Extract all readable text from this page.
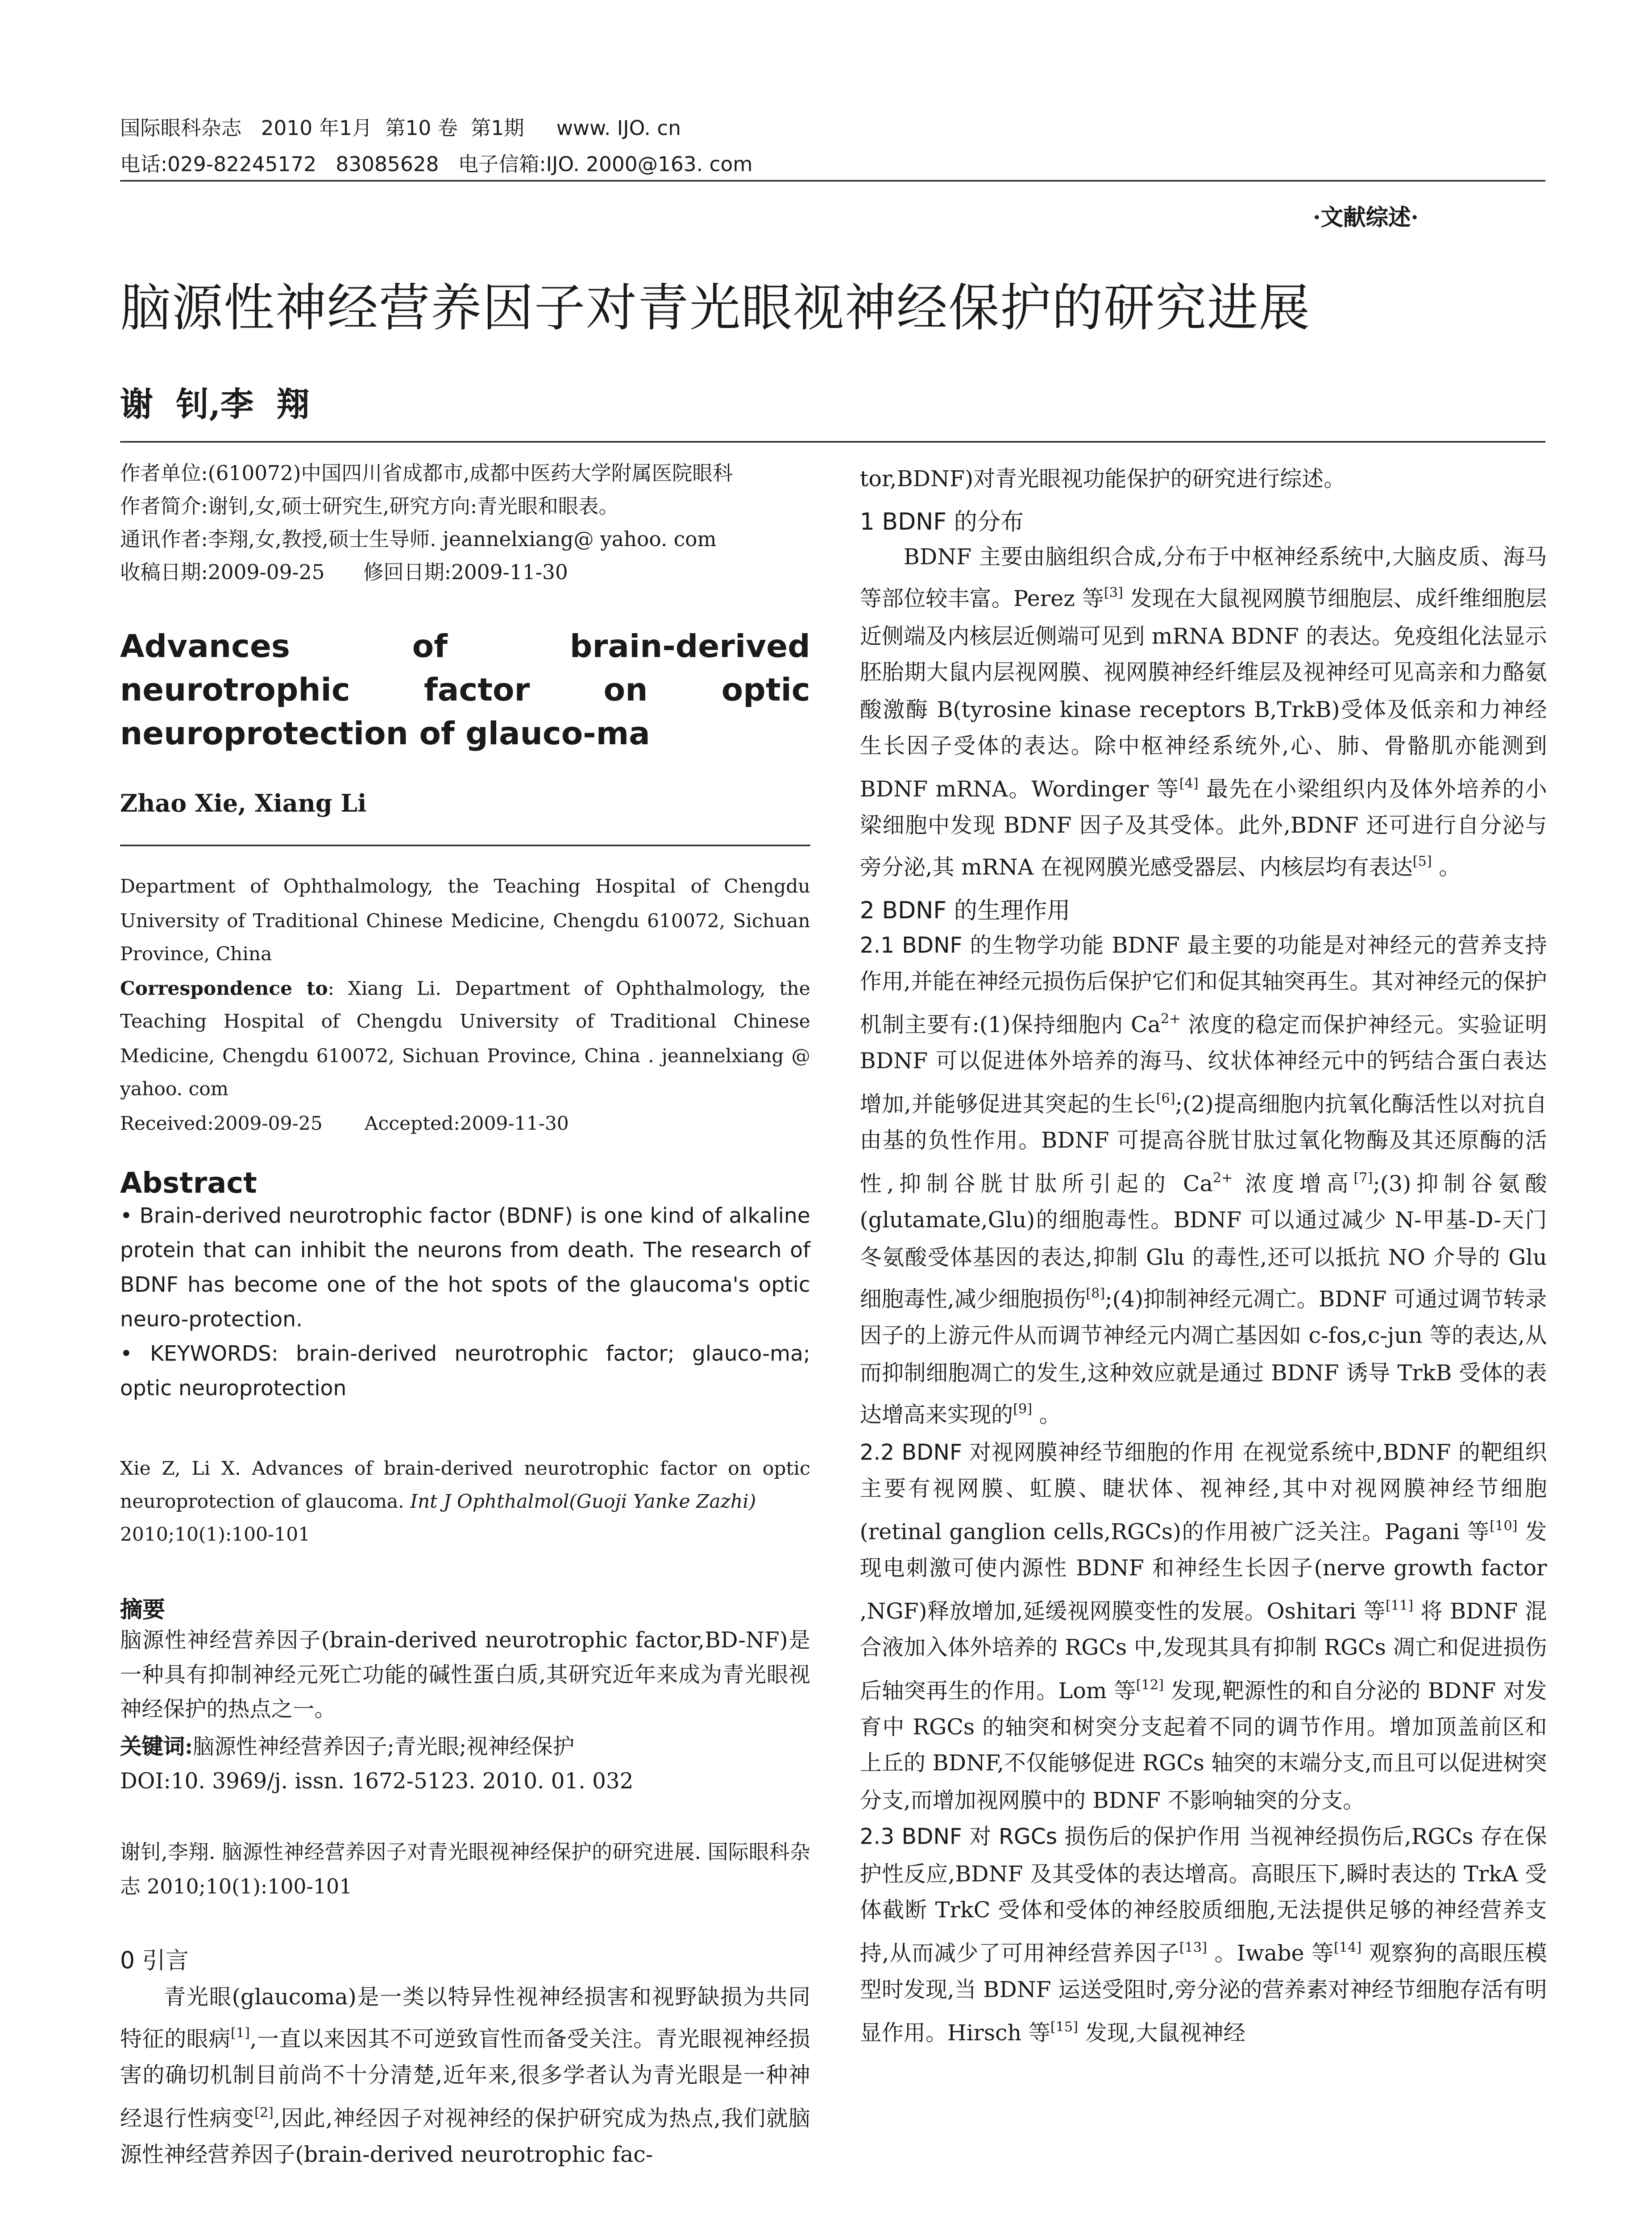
国际眼科杂志   2010 年1月  第10 卷  第1期     www. IJO. cn
电话:029-82245172   83085628   电子信箱:IJO. 2000@163. com
·文献综述·
脑源性神经营养因子对青光眼视神经保护的研究进展
谢  钊,李  翔
作者单位:(610072)中国四川省成都市,成都中医药大学附属医院眼科
作者简介:谢钊,女,硕士研究生,研究方向:青光眼和眼表。
通讯作者:李翔,女,教授,硕士生导师. jeannelxiang@ yahoo. com
收稿日期:2009-09-25      修回日期:2009-11-30
Advances of brain-derived neurotrophic factor on optic neuroprotection of glauco-ma
Zhao Xie, Xiang Li
Department of Ophthalmology, the Teaching Hospital of Chengdu University of Traditional Chinese Medicine, Chengdu 610072, Sichuan Province, China
Correspondence to: Xiang Li. Department of Ophthalmology, the Teaching Hospital of Chengdu University of Traditional Chinese Medicine, Chengdu 610072, Sichuan Province, China . jeannelxiang @ yahoo. com
Received:2009-09-25       Accepted:2009-11-30
Abstract
• Brain-derived neurotrophic factor (BDNF) is one kind of alkaline protein that can inhibit the neurons from death. The research of BDNF has become one of the hot spots of the glaucoma's optic neuro-protection.
• KEYWORDS: brain-derived neurotrophic factor; glauco-ma; optic neuroprotection
Xie Z, Li X. Advances of brain-derived neurotrophic factor on optic neuroprotection of glaucoma. Int J Ophthalmol(Guoji Yanke Zazhi)
2010;10(1):100-101
摘要
脑源性神经营养因子(brain-derived neurotrophic factor,BD-NF)是一种具有抑制神经元死亡功能的碱性蛋白质,其研究近年来成为青光眼视神经保护的热点之一。
关键词:脑源性神经营养因子;青光眼;视神经保护
DOI:10. 3969/j. issn. 1672-5123. 2010. 01. 032
谢钊,李翔. 脑源性神经营养因子对青光眼视神经保护的研究进展. 国际眼科杂志 2010;10(1):100-101
0 引言

青光眼(glaucoma)是一类以特异性视神经损害和视野缺损为共同特征的眼病[1],一直以来因其不可逆致盲性而备受关注。青光眼视神经损害的确切机制目前尚不十分清楚,近年来,很多学者认为青光眼是一种神经退行性病变[2],因此,神经因子对视神经的保护研究成为热点,我们就脑源性神经营养因子(brain-derived neurotrophic fac-

tor,BDNF)对青光眼视功能保护的研究进行综述。

1 BDNF 的分布

BDNF 主要由脑组织合成,分布于中枢神经系统中,大脑皮质、海马等部位较丰富。Perez 等[3] 发现在大鼠视网膜节细胞层、成纤维细胞层近侧端及内核层近侧端可见到 mRNA BDNF 的表达。免疫组化法显示胚胎期大鼠内层视网膜、视网膜神经纤维层及视神经可见高亲和力酪氨酸激酶 B(tyrosine kinase receptors B,TrkB)受体及低亲和力神经生长因子受体的表达。除中枢神经系统外,心、肺、骨骼肌亦能测到 BDNF mRNA。Wordinger 等[4] 最先在小梁组织内及体外培养的小梁细胞中发现 BDNF 因子及其受体。此外,BDNF 还可进行自分泌与旁分泌,其 mRNA 在视网膜光感受器层、内核层均有表达[5] 。

2 BDNF 的生理作用

2.1 BDNF 的生物学功能 BDNF 最主要的功能是对神经元的营养支持作用,并能在神经元损伤后保护它们和促其轴突再生。其对神经元的保护机制主要有:(1)保持细胞内 Ca$^{2+}$ 浓度的稳定而保护神经元。实验证明 BDNF 可以促进体外培养的海马、纹状体神经元中的钙结合蛋白表达增加,并能够促进其突起的生长[6];(2)提高细胞内抗氧化酶活性以对抗自由基的负性作用。BDNF 可提高谷胱甘肽过氧化物酶及其还原酶的活性,抑制谷胱甘肽所引起的 Ca$^{2+}$ 浓度增高[7];(3)抑制谷氨酸(glutamate,Glu)的细胞毒性。BDNF 可以通过减少 N-甲基-D-天门冬氨酸受体基因的表达,抑制 Glu 的毒性,还可以抵抗 NO 介导的 Glu 细胞毒性,减少细胞损伤[8];(4)抑制神经元凋亡。BDNF 可通过调节转录因子的上游元件从而调节神经元内凋亡基因如 c-fos,c-jun 等的表达,从而抑制细胞凋亡的发生,这种效应就是通过 BDNF 诱导 TrkB 受体的表达增高来实现的[9] 。

2.2 BDNF 对视网膜神经节细胞的作用 在视觉系统中,BDNF 的靶组织主要有视网膜、虹膜、睫状体、视神经,其中对视网膜神经节细胞(retinal ganglion cells,RGCs)的作用被广泛关注。Pagani 等[10] 发现电刺激可使内源性 BDNF 和神经生长因子(nerve growth factor ,NGF)释放增加,延缓视网膜变性的发展。Oshitari 等[11] 将 BDNF 混合液加入体外培养的 RGCs 中,发现其具有抑制 RGCs 凋亡和促进损伤后轴突再生的作用。Lom 等[12] 发现,靶源性的和自分泌的 BDNF 对发育中 RGCs 的轴突和树突分支起着不同的调节作用。增加顶盖前区和上丘的 BDNF,不仅能够促进 RGCs 轴突的末端分支,而且可以促进树突分支,而增加视网膜中的 BDNF 不影响轴突的分支。

2.3 BDNF 对 RGCs 损伤后的保护作用 当视神经损伤后,RGCs 存在保护性反应,BDNF 及其受体的表达增高。高眼压下,瞬时表达的 TrkA 受体截断 TrkC 受体和受体的神经胶质细胞,无法提供足够的神经营养支持,从而减少了可用神经营养因子[13] 。Iwabe 等[14] 观察狗的高眼压模型时发现,当 BDNF 运送受阻时,旁分泌的营养素对神经节细胞存活有明显作用。Hirsch 等[15] 发现,大鼠视神经
